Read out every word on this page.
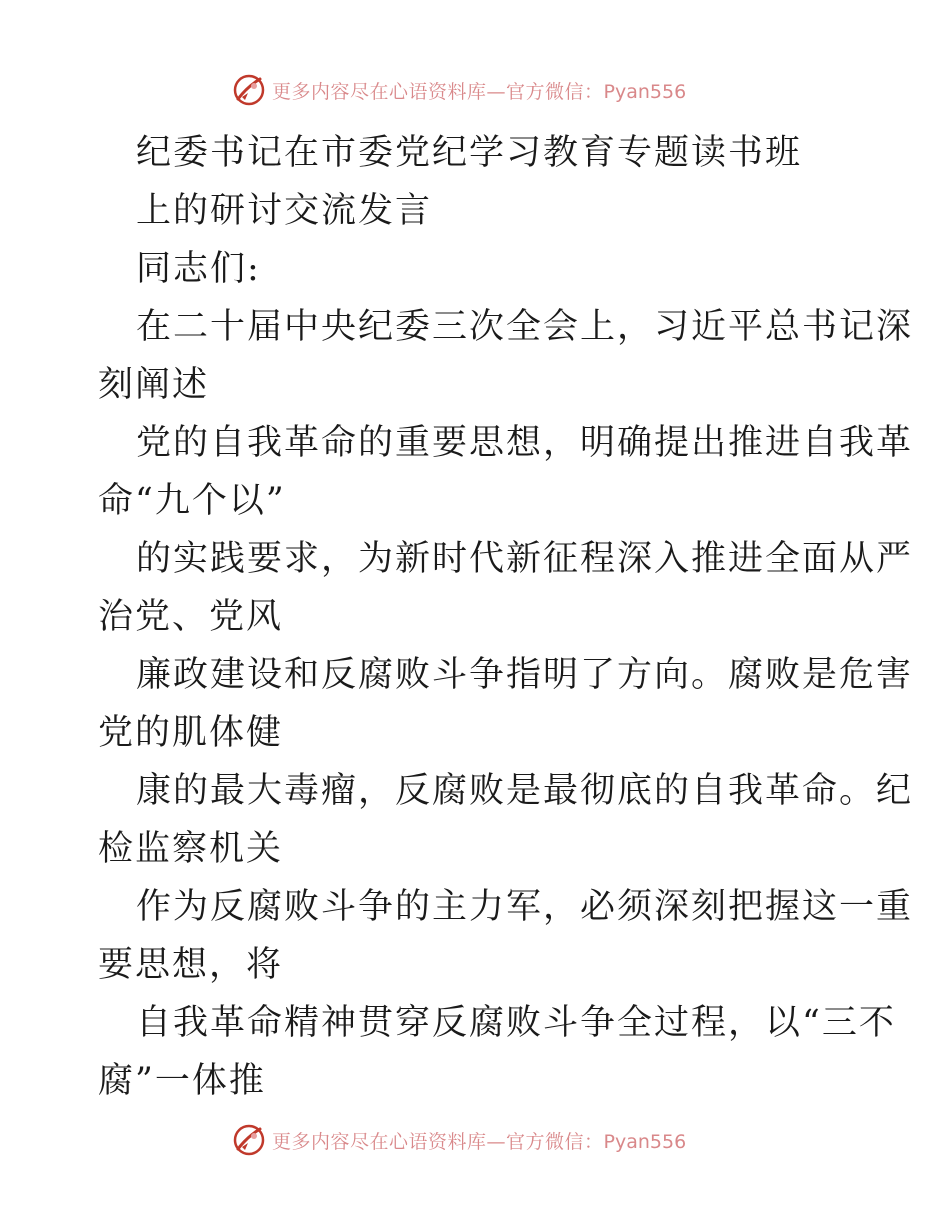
更多内容尽在心语资料库—官方微信：Pyan556
纪委书记在市委党纪学习教育专题读书班
上的研讨交流发言
同志们:
在二十届中央纪委三次全会上，习近平总书记深
刻阐述
党的自我革命的重要思想，明确提出推进自我革
命“九个以”
的实践要求，为新时代新征程深入推进全面从严
治党、党风
廉政建设和反腐败斗争指明了方向。腐败是危害
党的肌体健
康的最大毒瘤，反腐败是最彻底的自我革命。纪
检监察机关
作为反腐败斗争的主力军，必须深刻把握这一重
要思想，将
自我革命精神贯穿反腐败斗争全过程，以“三不
腐”一体推
更多内容尽在心语资料库—官方微信：Pyan556
